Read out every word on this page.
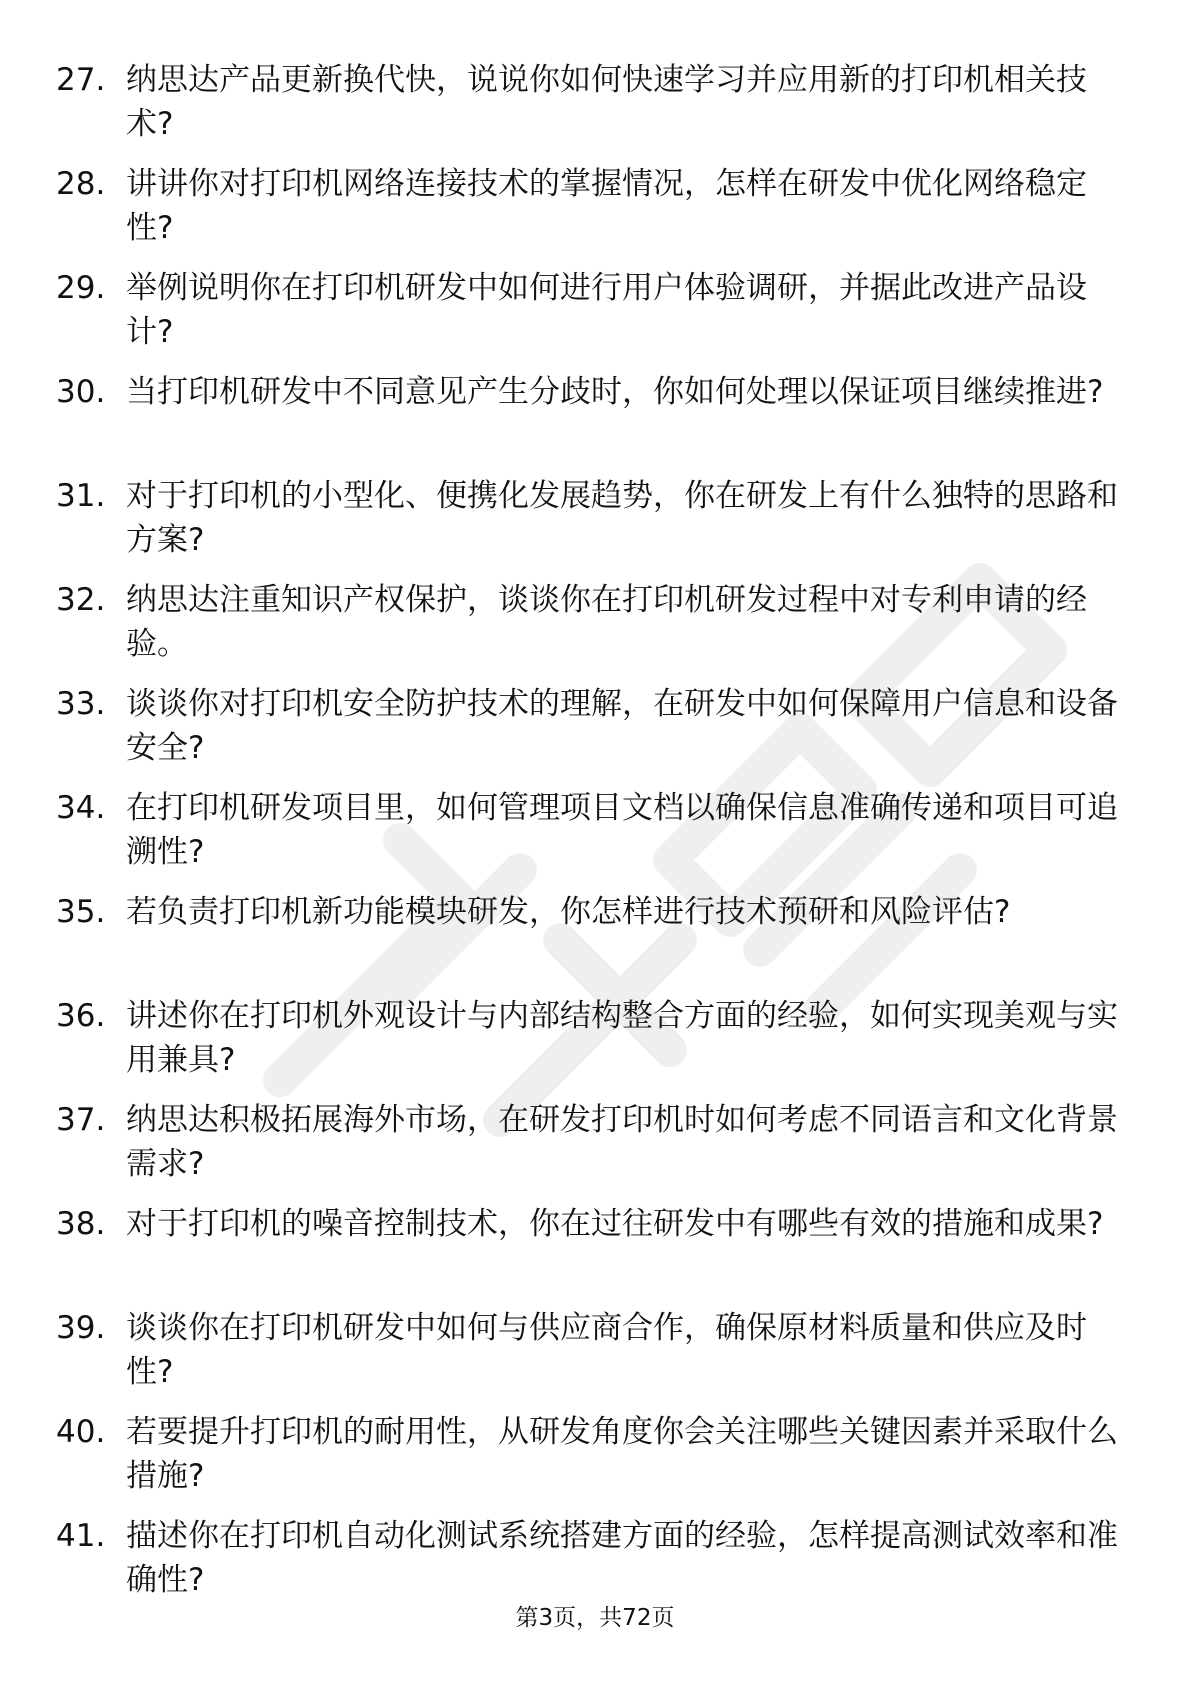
27. 纳思达产品更新换代快，说说你如何快速学习并应用新的打印机相关技术?
28. 讲讲你对打印机网络连接技术的掌握情况，怎样在研发中优化网络稳定性?
29. 举例说明你在打印机研发中如何进行用户体验调研，并据此改进产品设计?
30. 当打印机研发中不同意见产生分歧时，你如何处理以保证项目继续推进?
31. 对于打印机的小型化、便携化发展趋势，你在研发上有什么独特的思路和方案?
32. 纳思达注重知识产权保护，谈谈你在打印机研发过程中对专利申请的经验。
33. 谈谈你对打印机安全防护技术的理解，在研发中如何保障用户信息和设备安全?
34. 在打印机研发项目里，如何管理项目文档以确保信息准确传递和项目可追溯性?
35. 若负责打印机新功能模块研发，你怎样进行技术预研和风险评估?
36. 讲述你在打印机外观设计与内部结构整合方面的经验，如何实现美观与实用兼具?
37. 纳思达积极拓展海外市场，在研发打印机时如何考虑不同语言和文化背景需求?
38. 对于打印机的噪音控制技术，你在过往研发中有哪些有效的措施和成果?
39. 谈谈你在打印机研发中如何与供应商合作，确保原材料质量和供应及时性?
40. 若要提升打印机的耐用性，从研发角度你会关注哪些关键因素并采取什么措施?
41. 描述你在打印机自动化测试系统搭建方面的经验，怎样提高测试效率和准确性?
第3页，共72页
